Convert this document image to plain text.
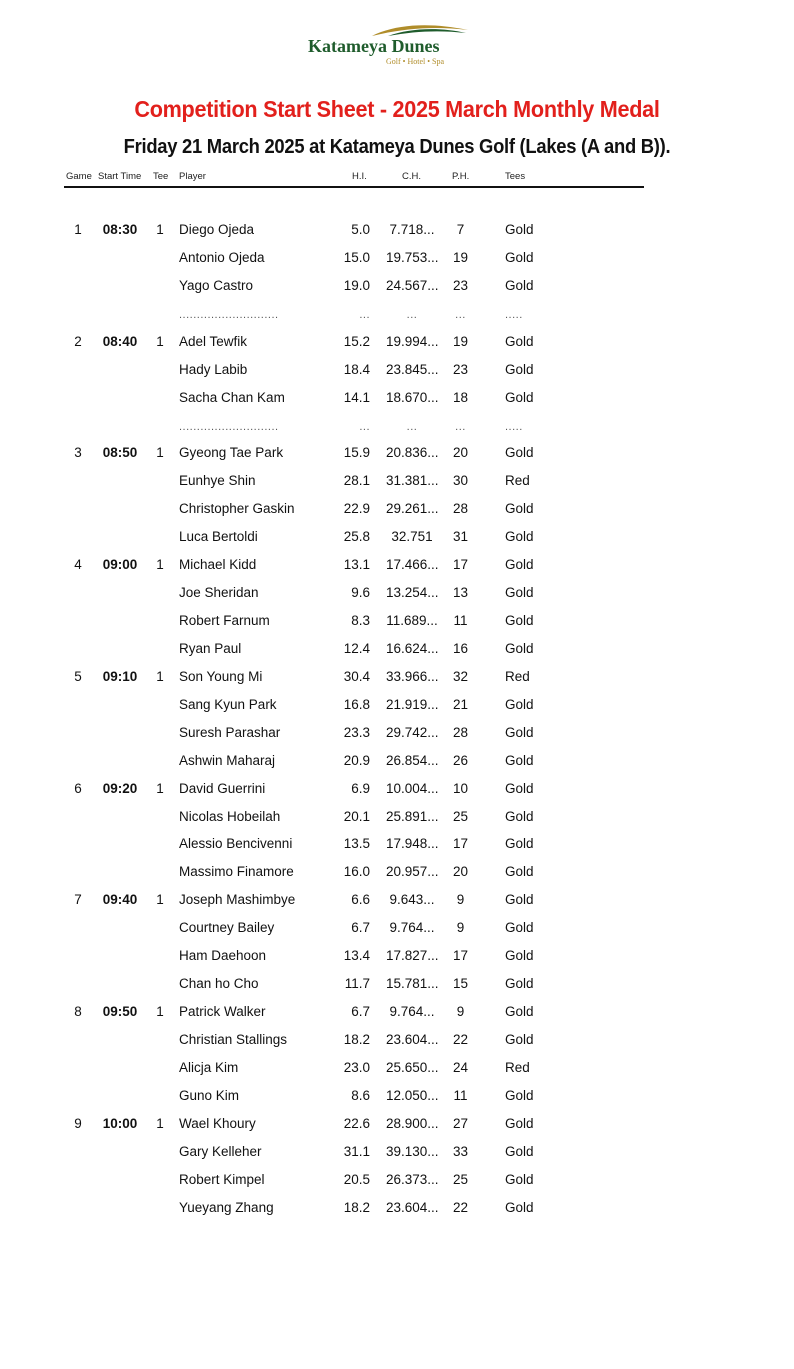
Katameya Dunes
Golf • Hotel • Spa
Competition Start Sheet - 2025 March Monthly Medal
Friday 21 March 2025 at Katameya Dunes Golf (Lakes (A and B)).
Game Start Time Tee Player	H.I.	C.H.	P.H.	Tees
1 08:30 1 Diego Ojeda	5.0 7.718...	7	Gold
Antonio Ojeda	15.0 19.753...	19	Gold
Yago Castro	19.0 24.567...	23	Gold
............................	...	...	...	.....
2 08:40 1 Adel Tewfik	15.2 19.994...	19	Gold
Hady Labib	18.4 23.845...	23	Gold
Sacha Chan Kam	14.1 18.670...	18	Gold
............................	...	...	...	.....
3 08:50 1 Gyeong Tae Park	15.9 20.836...	20	Gold
Eunhye Shin	28.1 31.381...	30	Red
Christopher Gaskin	22.9 29.261...	28	Gold
Luca Bertoldi	25.8	32.751	31	Gold
4 09:00 1 Michael Kidd	13.1 17.466...	17	Gold
Joe Sheridan	9.6 13.254...	13	Gold
Robert Farnum	8.3 11.689...	11	Gold
Ryan Paul	12.4 16.624...	16	Gold
5 09:10 1 Son Young Mi	30.4 33.966...	32	Red
Sang Kyun Park	16.8 21.919...	21	Gold
Suresh Parashar	23.3 29.742...	28	Gold
Ashwin Maharaj	20.9 26.854...	26	Gold
6 09:20 1 David Guerrini	6.9 10.004...	10	Gold
Nicolas Hobeilah	20.1 25.891...	25	Gold
Alessio Bencivenni	13.5 17.948...	17	Gold
Massimo Finamore	16.0 20.957...	20	Gold
7 09:40 1 Joseph Mashimbye	6.6 9.643...	9	Gold
Courtney Bailey	6.7 9.764...	9	Gold
Ham Daehoon	13.4 17.827...	17	Gold
Chan ho Cho	11.7 15.781...	15	Gold
8 09:50 1 Patrick Walker	6.7 9.764...	9	Gold
Christian Stallings	18.2 23.604...	22	Gold
Alicja Kim	23.0 25.650...	24	Red
Guno Kim	8.6 12.050...	11	Gold
9 10:00 1 Wael Khoury	22.6 28.900...	27	Gold
Gary Kelleher	31.1 39.130...	33	Gold
Robert Kimpel	20.5 26.373...	25	Gold
Yueyang Zhang	18.2 23.604...	22	Gold
